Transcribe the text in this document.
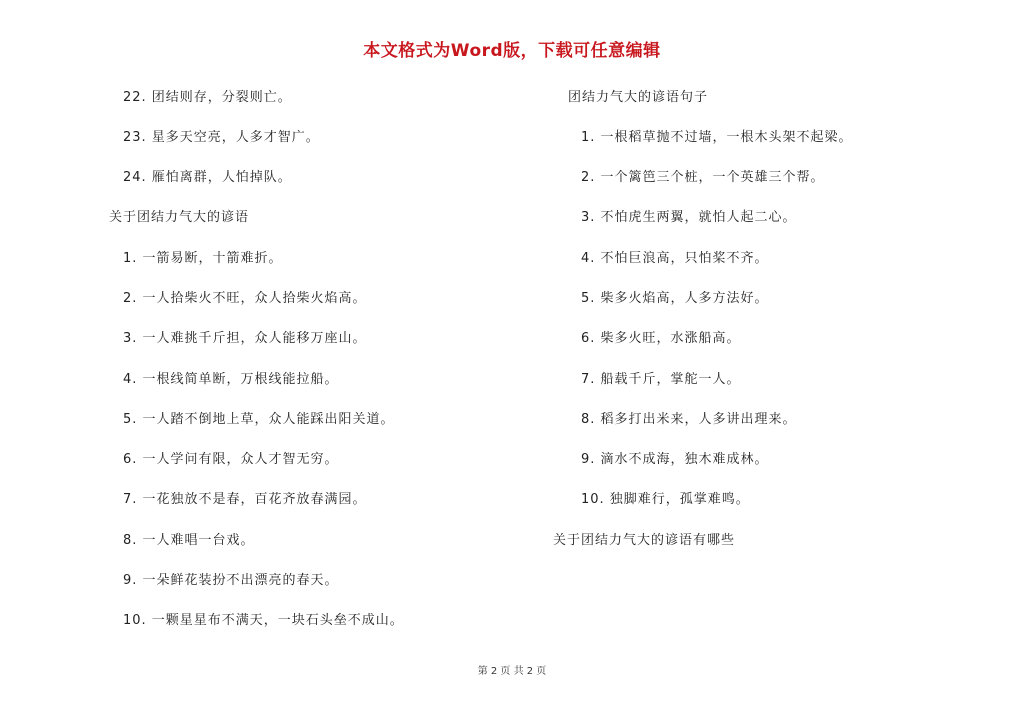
本文格式为Word版，下载可任意编辑
22. 团结则存，分裂则亡。
23. 星多天空亮，人多才智广。
24. 雁怕离群，人怕掉队。
关于团结力气大的谚语
1. 一箭易断，十箭难折。
2. 一人拾柴火不旺，众人拾柴火焰高。
3. 一人难挑千斤担，众人能移万座山。
4. 一根线简单断，万根线能拉船。
5. 一人踏不倒地上草，众人能踩出阳关道。
6. 一人学问有限，众人才智无穷。
7. 一花独放不是春，百花齐放春满园。
8. 一人难唱一台戏。
9. 一朵鲜花装扮不出漂亮的春天。
10. 一颗星星布不满天，一块石头垒不成山。
团结力气大的谚语句子
1. 一根稻草抛不过墙，一根木头架不起梁。
2. 一个篱笆三个桩，一个英雄三个帮。
3. 不怕虎生两翼，就怕人起二心。
4. 不怕巨浪高，只怕桨不齐。
5. 柴多火焰高，人多方法好。
6. 柴多火旺，水涨船高。
7. 船载千斤，掌舵一人。
8. 稻多打出米来，人多讲出理来。
9. 滴水不成海，独木难成林。
10. 独脚难行，孤掌难鸣。
关于团结力气大的谚语有哪些
第 2 页 共 2 页
